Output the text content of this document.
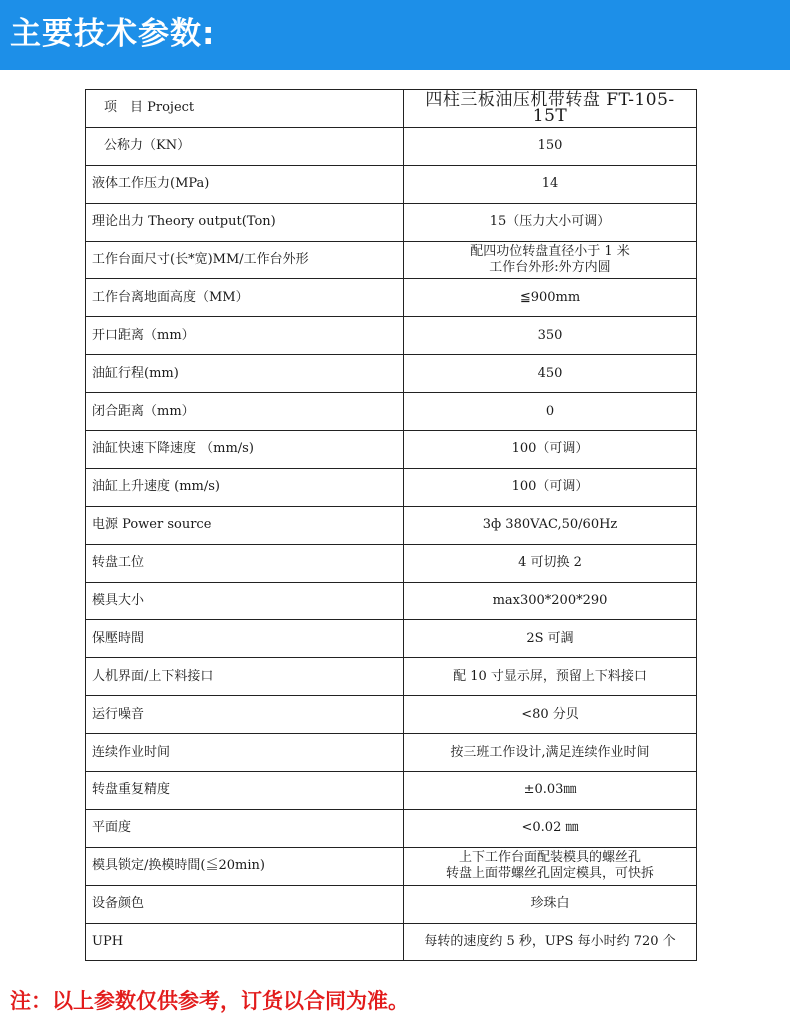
主要技术参数:
项　目 Project	四柱三板油压机带转盘 FT-105-15T
公称力（KN）	150
液体工作压力(MPa)	14
理论出力 Theory output(Ton)	15（压力大小可调）
工作台面尺寸(长*宽)MM/工作台外形	配四功位转盘直径小于 1 米
工作台外形:外方内圆
工作台离地面高度（MM）	≦900mm
开口距离（mm）	350
油缸行程(mm)	450
闭合距离（mm）	0
油缸快速下降速度 （mm/s)	100（可调）
油缸上升速度 (mm/s)	100（可调）
电源 Power source	3ф 380VAC,50/60Hz
转盘工位	4 可切换 2
模具大小	max300*200*290
保壓時間	2S 可調
人机界面/上下料接口	配 10 寸显示屏，预留上下料接口
运行噪音	<80 分贝
连续作业时间	按三班工作设计,满足连续作业时间
转盘重复精度	±0.03㎜
平面度	<0.02 ㎜
模具锁定/换模時間(≦20min)	上下工作台面配装模具的螺丝孔
转盘上面带螺丝孔固定模具，可快拆
设备颜色	珍珠白
UPH	每转的速度约 5 秒，UPS 每小时约 720 个
注：以上参数仅供参考，订货以合同为准。
